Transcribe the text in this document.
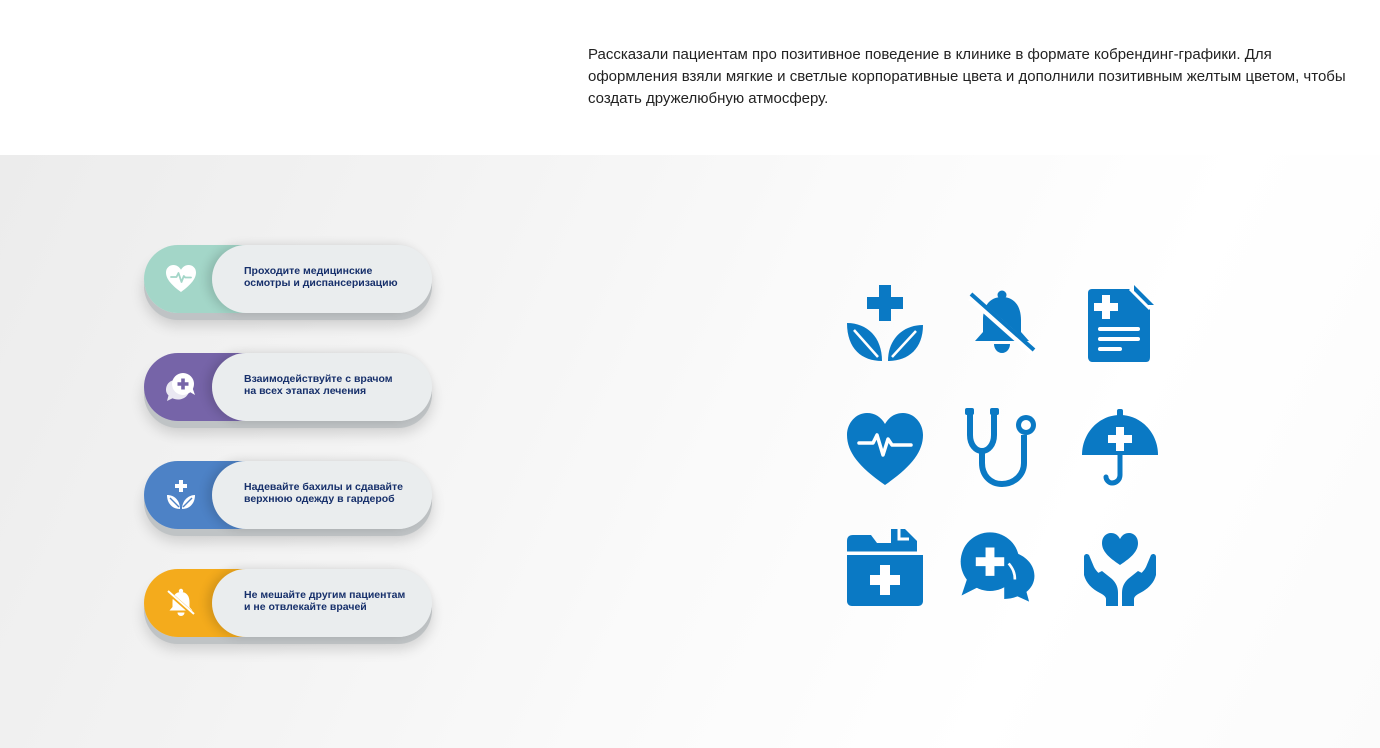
Рассказали пациентам про позитивное поведение в клинике в формате кобрендинг-графики. Для оформления взяли мягкие и светлые корпоративные цвета и дополнили позитивным желтым цветом, чтобы создать дружелюбную атмосферу.

Проходите медицинские
осмотры и диспансеризацию
Взаимодействуйте с врачом
на всех этапах лечения
Надевайте бахилы и сдавайте
верхнюю одежду в гардероб
Не мешайте другим пациентам
и не отвлекайте врачей
